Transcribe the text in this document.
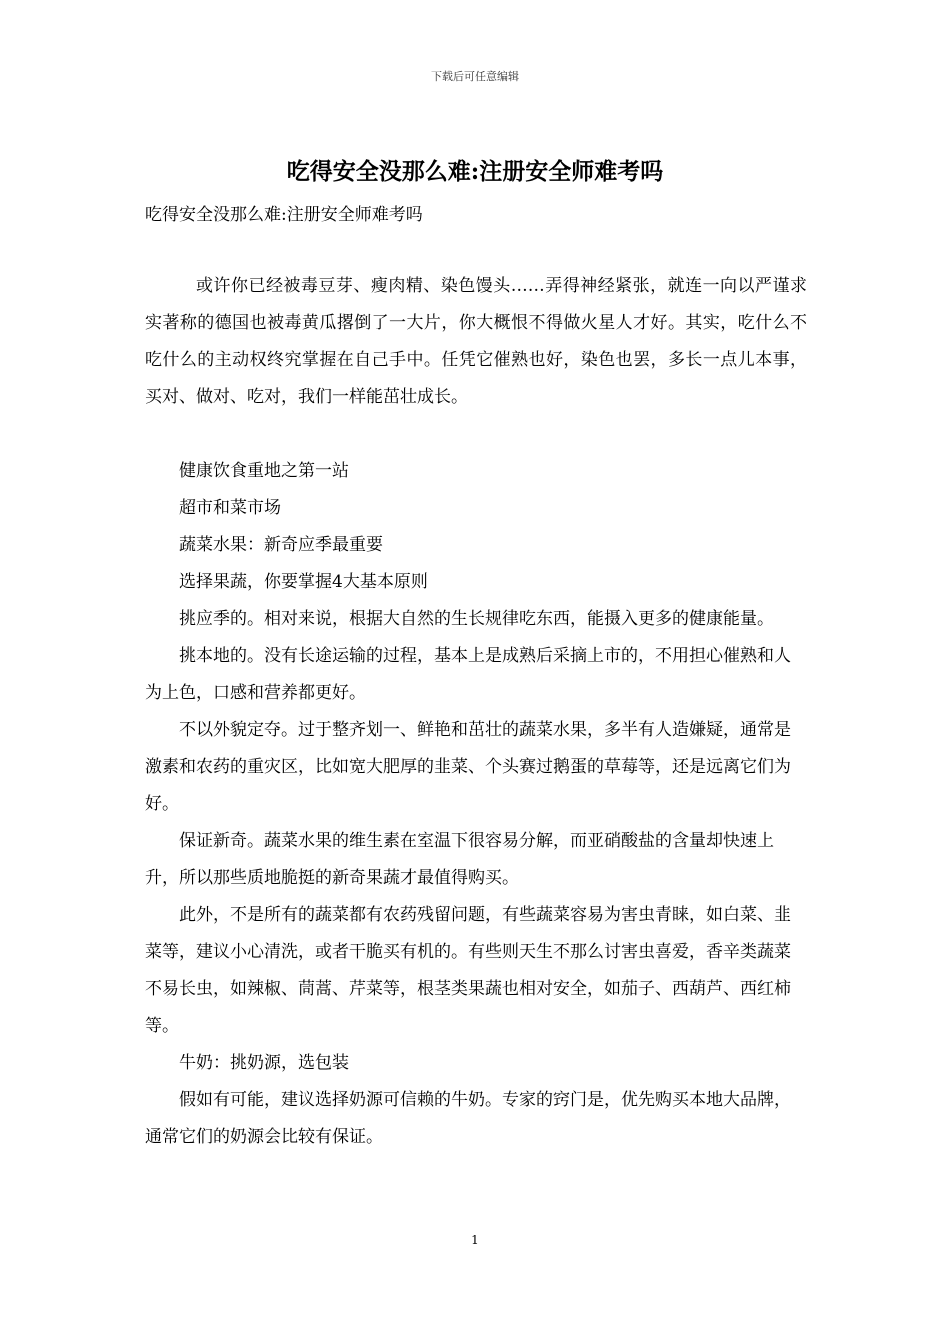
下载后可任意编辑
吃得安全没那么难:注册安全师难考吗
吃得安全没那么难:注册安全师难考吗

或许你已经被毒豆芽、瘦肉精、染色馒头……弄得神经紧张，就连一向以严谨求实著称的德国也被毒黄瓜撂倒了一大片，你大概恨不得做火星人才好。其实，吃什么不吃什么的主动权终究掌握在自己手中。任凭它催熟也好，染色也罢，多长一点儿本事，买对、做对、吃对，我们一样能茁壮成长。

健康饮食重地之第一站

超市和菜市场

蔬菜水果：新奇应季最重要

选择果蔬，你要掌握4大基本原则

挑应季的。相对来说，根据大自然的生长规律吃东西，能摄入更多的健康能量。

挑本地的。没有长途运输的过程，基本上是成熟后采摘上市的，不用担心催熟和人为上色，口感和营养都更好。

不以外貌定夺。过于整齐划一、鲜艳和茁壮的蔬菜水果，多半有人造嫌疑，通常是激素和农药的重灾区，比如宽大肥厚的韭菜、个头赛过鹅蛋的草莓等，还是远离它们为好。

保证新奇。蔬菜水果的维生素在室温下很容易分解，而亚硝酸盐的含量却快速上升，所以那些质地脆挺的新奇果蔬才最值得购买。

此外，不是所有的蔬菜都有农药残留问题，有些蔬菜容易为害虫青睐，如白菜、韭菜等，建议小心清洗，或者干脆买有机的。有些则天生不那么讨害虫喜爱，香辛类蔬菜不易长虫，如辣椒、茼蒿、芹菜等，根茎类果蔬也相对安全，如茄子、西葫芦、西红柿等。

牛奶：挑奶源，选包装

假如有可能，建议选择奶源可信赖的牛奶。专家的窍门是，优先购买本地大品牌，通常它们的奶源会比较有保证。

1
